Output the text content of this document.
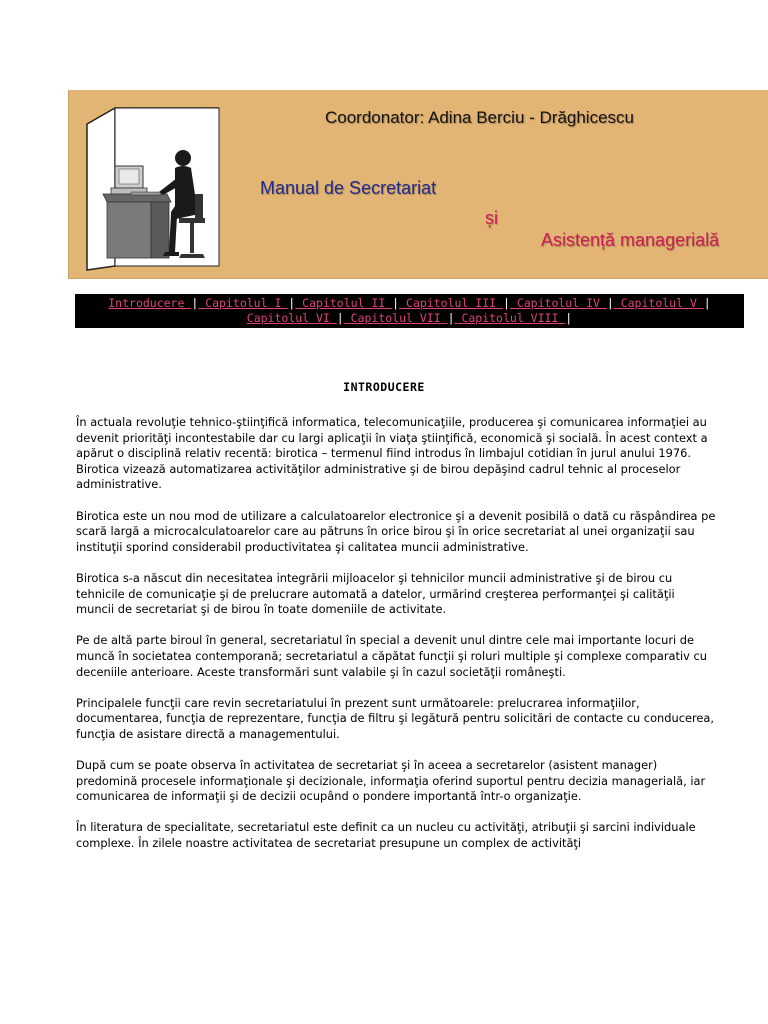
Coordonator: Adina Berciu - Drăghicescu

Manual de Secretariat
și
Asistență managerială
Introducere | Capitolul I | Capitolul II | Capitolul III | Capitolul IV | Capitolul V |
Capitolul VI | Capitolul VII | Capitolul VIII |
INTRODUCERE

În actuala revoluţie tehnico-ştiinţifică informatica, telecomunicaţiile, producerea şi comunicarea informaţiei au devenit priorităţi incontestabile dar cu largi aplicaţii în viaţa ştiinţifică, economică şi socială. În acest context a apărut o disciplină relativ recentă: birotica – termenul fiind introdus în limbajul cotidian în jurul anului 1976. Birotica vizează automatizarea activităţilor administrative şi de birou depăşind cadrul tehnic al proceselor administrative.

Birotica este un nou mod de utilizare a calculatoarelor electronice şi a devenit posibilă o dată cu răspândirea pe scară largă a microcalculatoarelor care au pătruns în orice birou şi în orice secretariat al unei organizaţii sau instituţii sporind considerabil productivitatea şi calitatea muncii administrative.

Birotica s-a născut din necesitatea integrării mijloacelor şi tehnicilor muncii administrative şi de birou cu tehnicile de comunicaţie şi de prelucrare automată a datelor, urmărind creşterea performanţei şi calităţii muncii de secretariat şi de birou în toate domeniile de activitate.

Pe de altă parte biroul în general, secretariatul în special a devenit unul dintre cele mai importante locuri de muncă în societatea contemporană; secretariatul a căpătat funcţii şi roluri multiple şi complexe comparativ cu deceniile anterioare. Aceste transformări sunt valabile şi în cazul societăţii româneşti.

Principalele funcţii care revin secretariatului în prezent sunt următoarele: prelucrarea informaţiilor, documentarea, funcţia de reprezentare, funcţia de filtru şi legătură pentru solicitări de contacte cu conducerea, funcţia de asistare directă a managementului.

După cum se poate observa în activitatea de secretariat şi în aceea a secretarelor (asistent manager) predomină procesele informaţionale şi decizionale, informaţia oferind suportul pentru decizia managerială, iar comunicarea de informaţii şi de decizii ocupând o pondere importantă într-o organizaţie.

În literatura de specialitate, secretariatul este definit ca un nucleu cu activităţi, atribuţii şi sarcini individuale complexe. În zilele noastre activitatea de secretariat presupune un complex de activităţi
